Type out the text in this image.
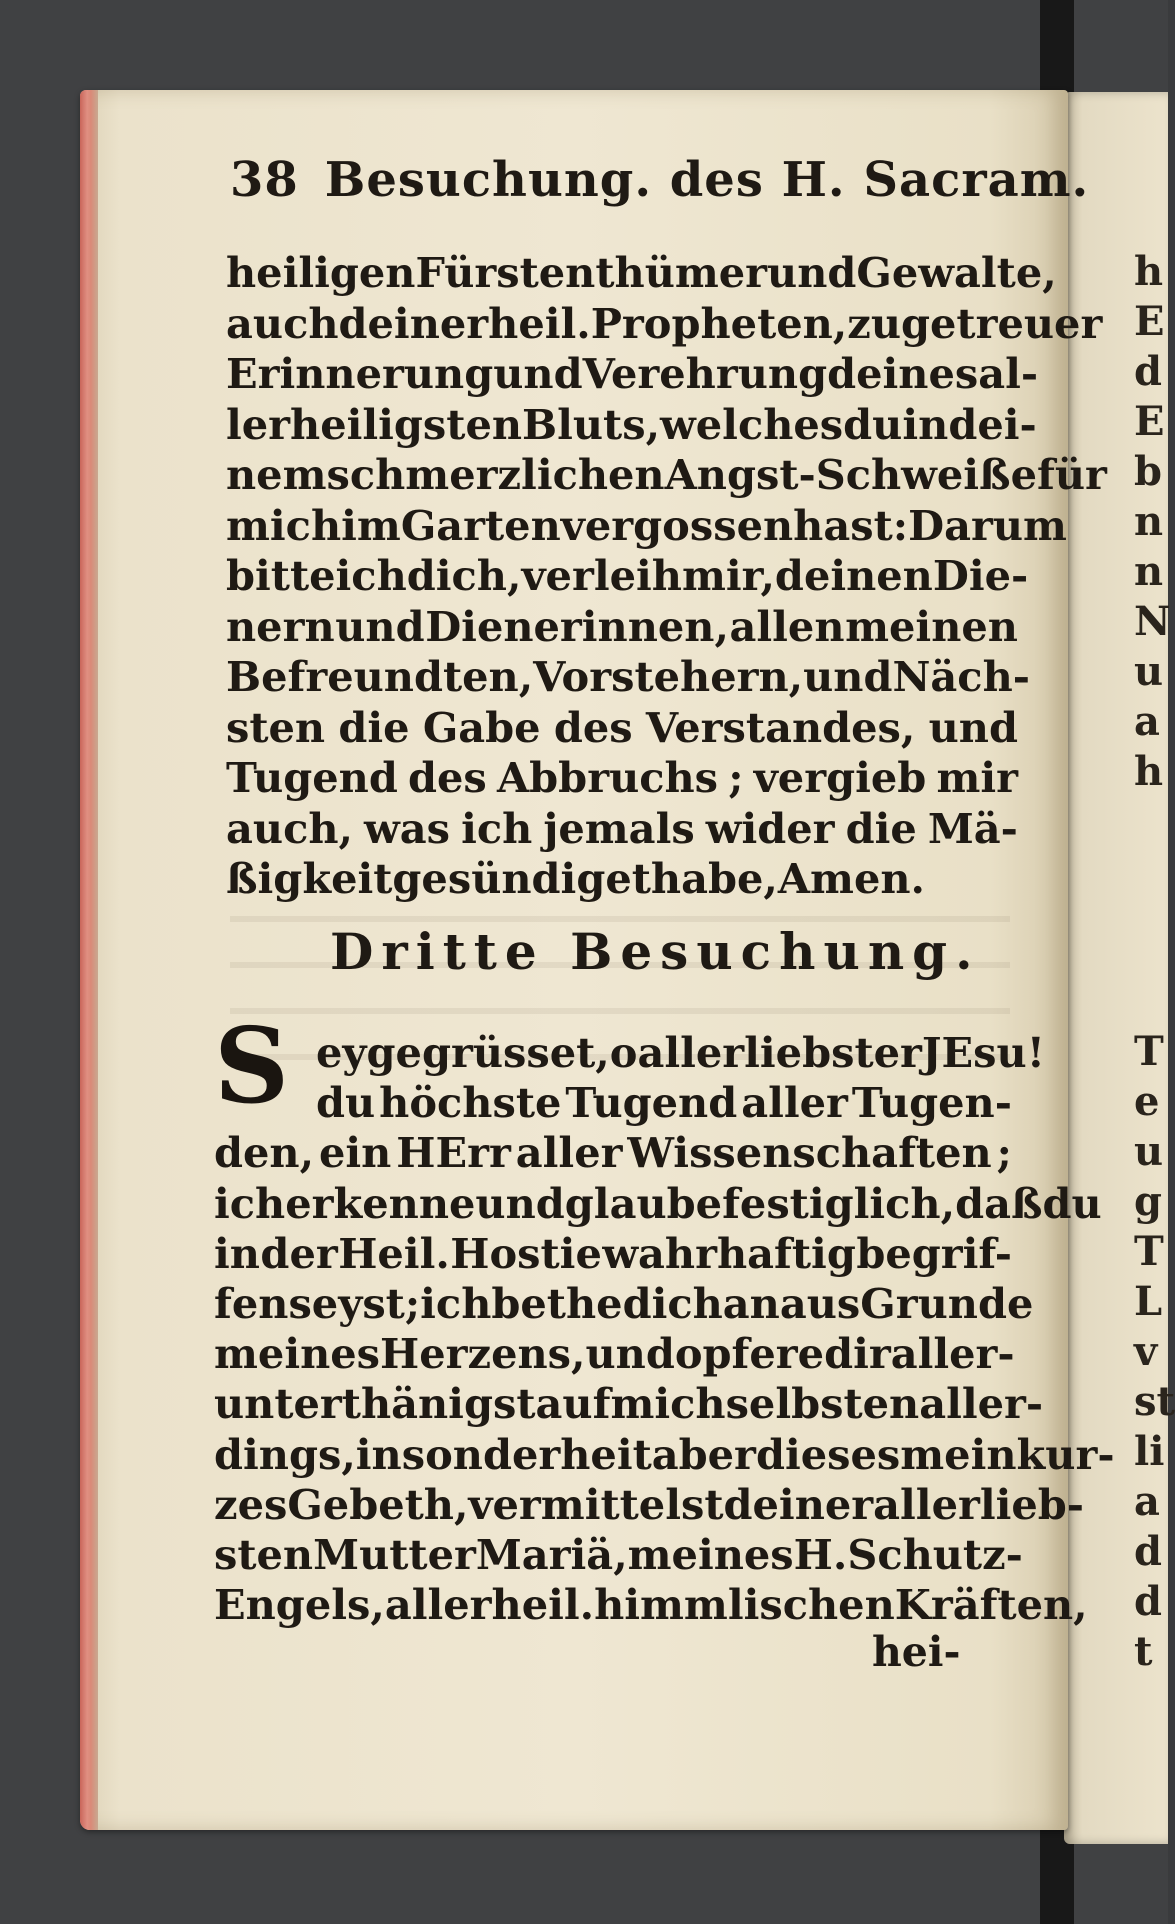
h
E
d
E
b
n
n
N
u
a
h
T
e
u
g
T
L
v
st
li
a
d
d
t
38 Besuchung. des H. Sacram.
heiligen Fürstenthümer und Gewalte,
auch deiner heil. Propheten, zu getreuer
Erinnerung und Verehrung deines al-
lerheiligsten Bluts, welches du in dei-
nem schmerzlichen Angst-Schweiße für
mich im Garten vergossen hast: Darum
bitte ich dich, verleih mir, deinen Die-
nern und Dienerinnen, allen meinen
Befreundten, Vorstehern, und Näch-
sten die Gabe des Verstandes, und
Tugend des Abbruchs ; vergieb mir
auch, was ich jemals wider die Mä-
ßigkeit gesündiget habe, Amen.
Dritte Besuchung.
S ey gegrüsset, o allerliebster JEsu!
du höchste Tugend aller Tugen-
den, ein HErr aller Wissenschaften ;
ich erkenne und glaube festiglich, daß du
in der Heil. Hostie wahrhaftig begrif-
fen seyst; ich bethe dich an aus Grunde
meines Herzens, und opfere dir aller-
unterthänigst auf mich selbsten aller-
dings, insonderheit aber dieses mein kur-
zes Gebeth, vermittelst deiner allerlieb-
sten Mutter Mariä, meines H. Schutz-
Engels, aller heil. himmlischen Kräften,
hei-
